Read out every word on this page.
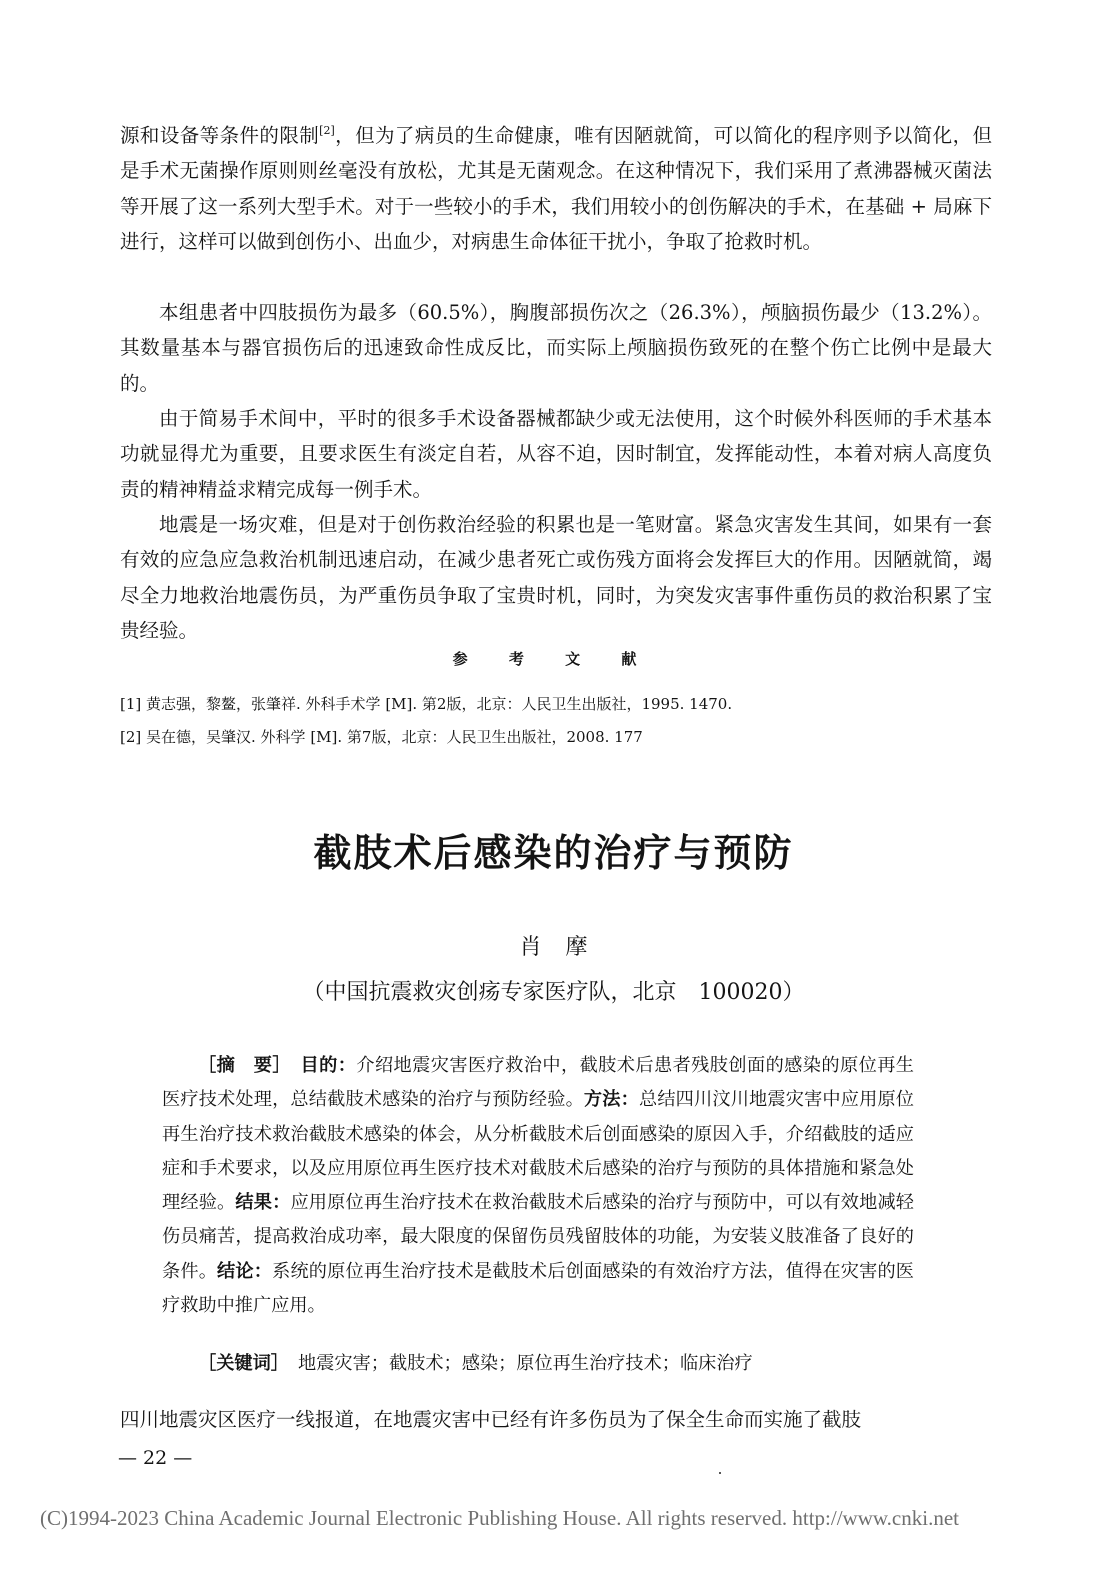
源和设备等条件的限制[2]，但为了病员的生命健康，唯有因陋就简，可以简化的程序则予以简化，但是手术无菌操作原则则丝毫没有放松，尤其是无菌观念。在这种情况下，我们采用了煮沸器械灭菌法等开展了这一系列大型手术。对于一些较小的手术，我们用较小的创伤解决的手术，在基础 + 局麻下进行，这样可以做到创伤小、出血少，对病患生命体征干扰小，争取了抢救时机。

本组患者中四肢损伤为最多（60.5%），胸腹部损伤次之（26.3%），颅脑损伤最少（13.2%）。其数量基本与器官损伤后的迅速致命性成反比，而实际上颅脑损伤致死的在整个伤亡比例中是最大的。

由于简易手术间中，平时的很多手术设备器械都缺少或无法使用，这个时候外科医师的手术基本功就显得尤为重要，且要求医生有淡定自若，从容不迫，因时制宜，发挥能动性，本着对病人高度负责的精神精益求精完成每一例手术。

地震是一场灾难，但是对于创伤救治经验的积累也是一笔财富。紧急灾害发生其间，如果有一套有效的应急应急救治机制迅速启动，在减少患者死亡或伤残方面将会发挥巨大的作用。因陋就简，竭尽全力地救治地震伤员，为严重伤员争取了宝贵时机，同时，为突发灾害事件重伤员的救治积累了宝贵经验。

参 考 文 献
[1] 黄志强，黎鳌，张肇祥. 外科手术学 [M]. 第2版，北京：人民卫生出版社，1995. 1470.
[2] 吴在德，吴肇汉. 外科学 [M]. 第7版，北京：人民卫生出版社，2008. 177
截肢术后感染的治疗与预防
肖摩
（中国抗震救灾创疡专家医疗队，北京　100020）

［摘　要］　 目的：介绍地震灾害医疗救治中，截肢术后患者残肢创面的感染的原位再生医疗技术处理，总结截肢术感染的治疗与预防经验。方法：总结四川汶川地震灾害中应用原位再生治疗技术救治截肢术感染的体会，从分析截肢术后创面感染的原因入手，介绍截肢的适应症和手术要求，以及应用原位再生医疗技术对截肢术后感染的治疗与预防的具体措施和紧急处理经验。结果：应用原位再生治疗技术在救治截肢术后感染的治疗与预防中，可以有效地减轻伤员痛苦，提高救治成功率，最大限度的保留伤员残留肢体的功能，为安装义肢准备了良好的条件。结论：系统的原位再生治疗技术是截肢术后创面感染的有效治疗方法，值得在灾害的医疗救助中推广应用。

［关键词］　 地震灾害；截肢术；感染；原位再生治疗技术；临床治疗

四川地震灾区医疗一线报道，在地震灾害中已经有许多伤员为了保全生命而实施了截肢

— 22 —
(C)1994-2023 China Academic Journal Electronic Publishing House. All rights reserved. http://www.cnki.net
